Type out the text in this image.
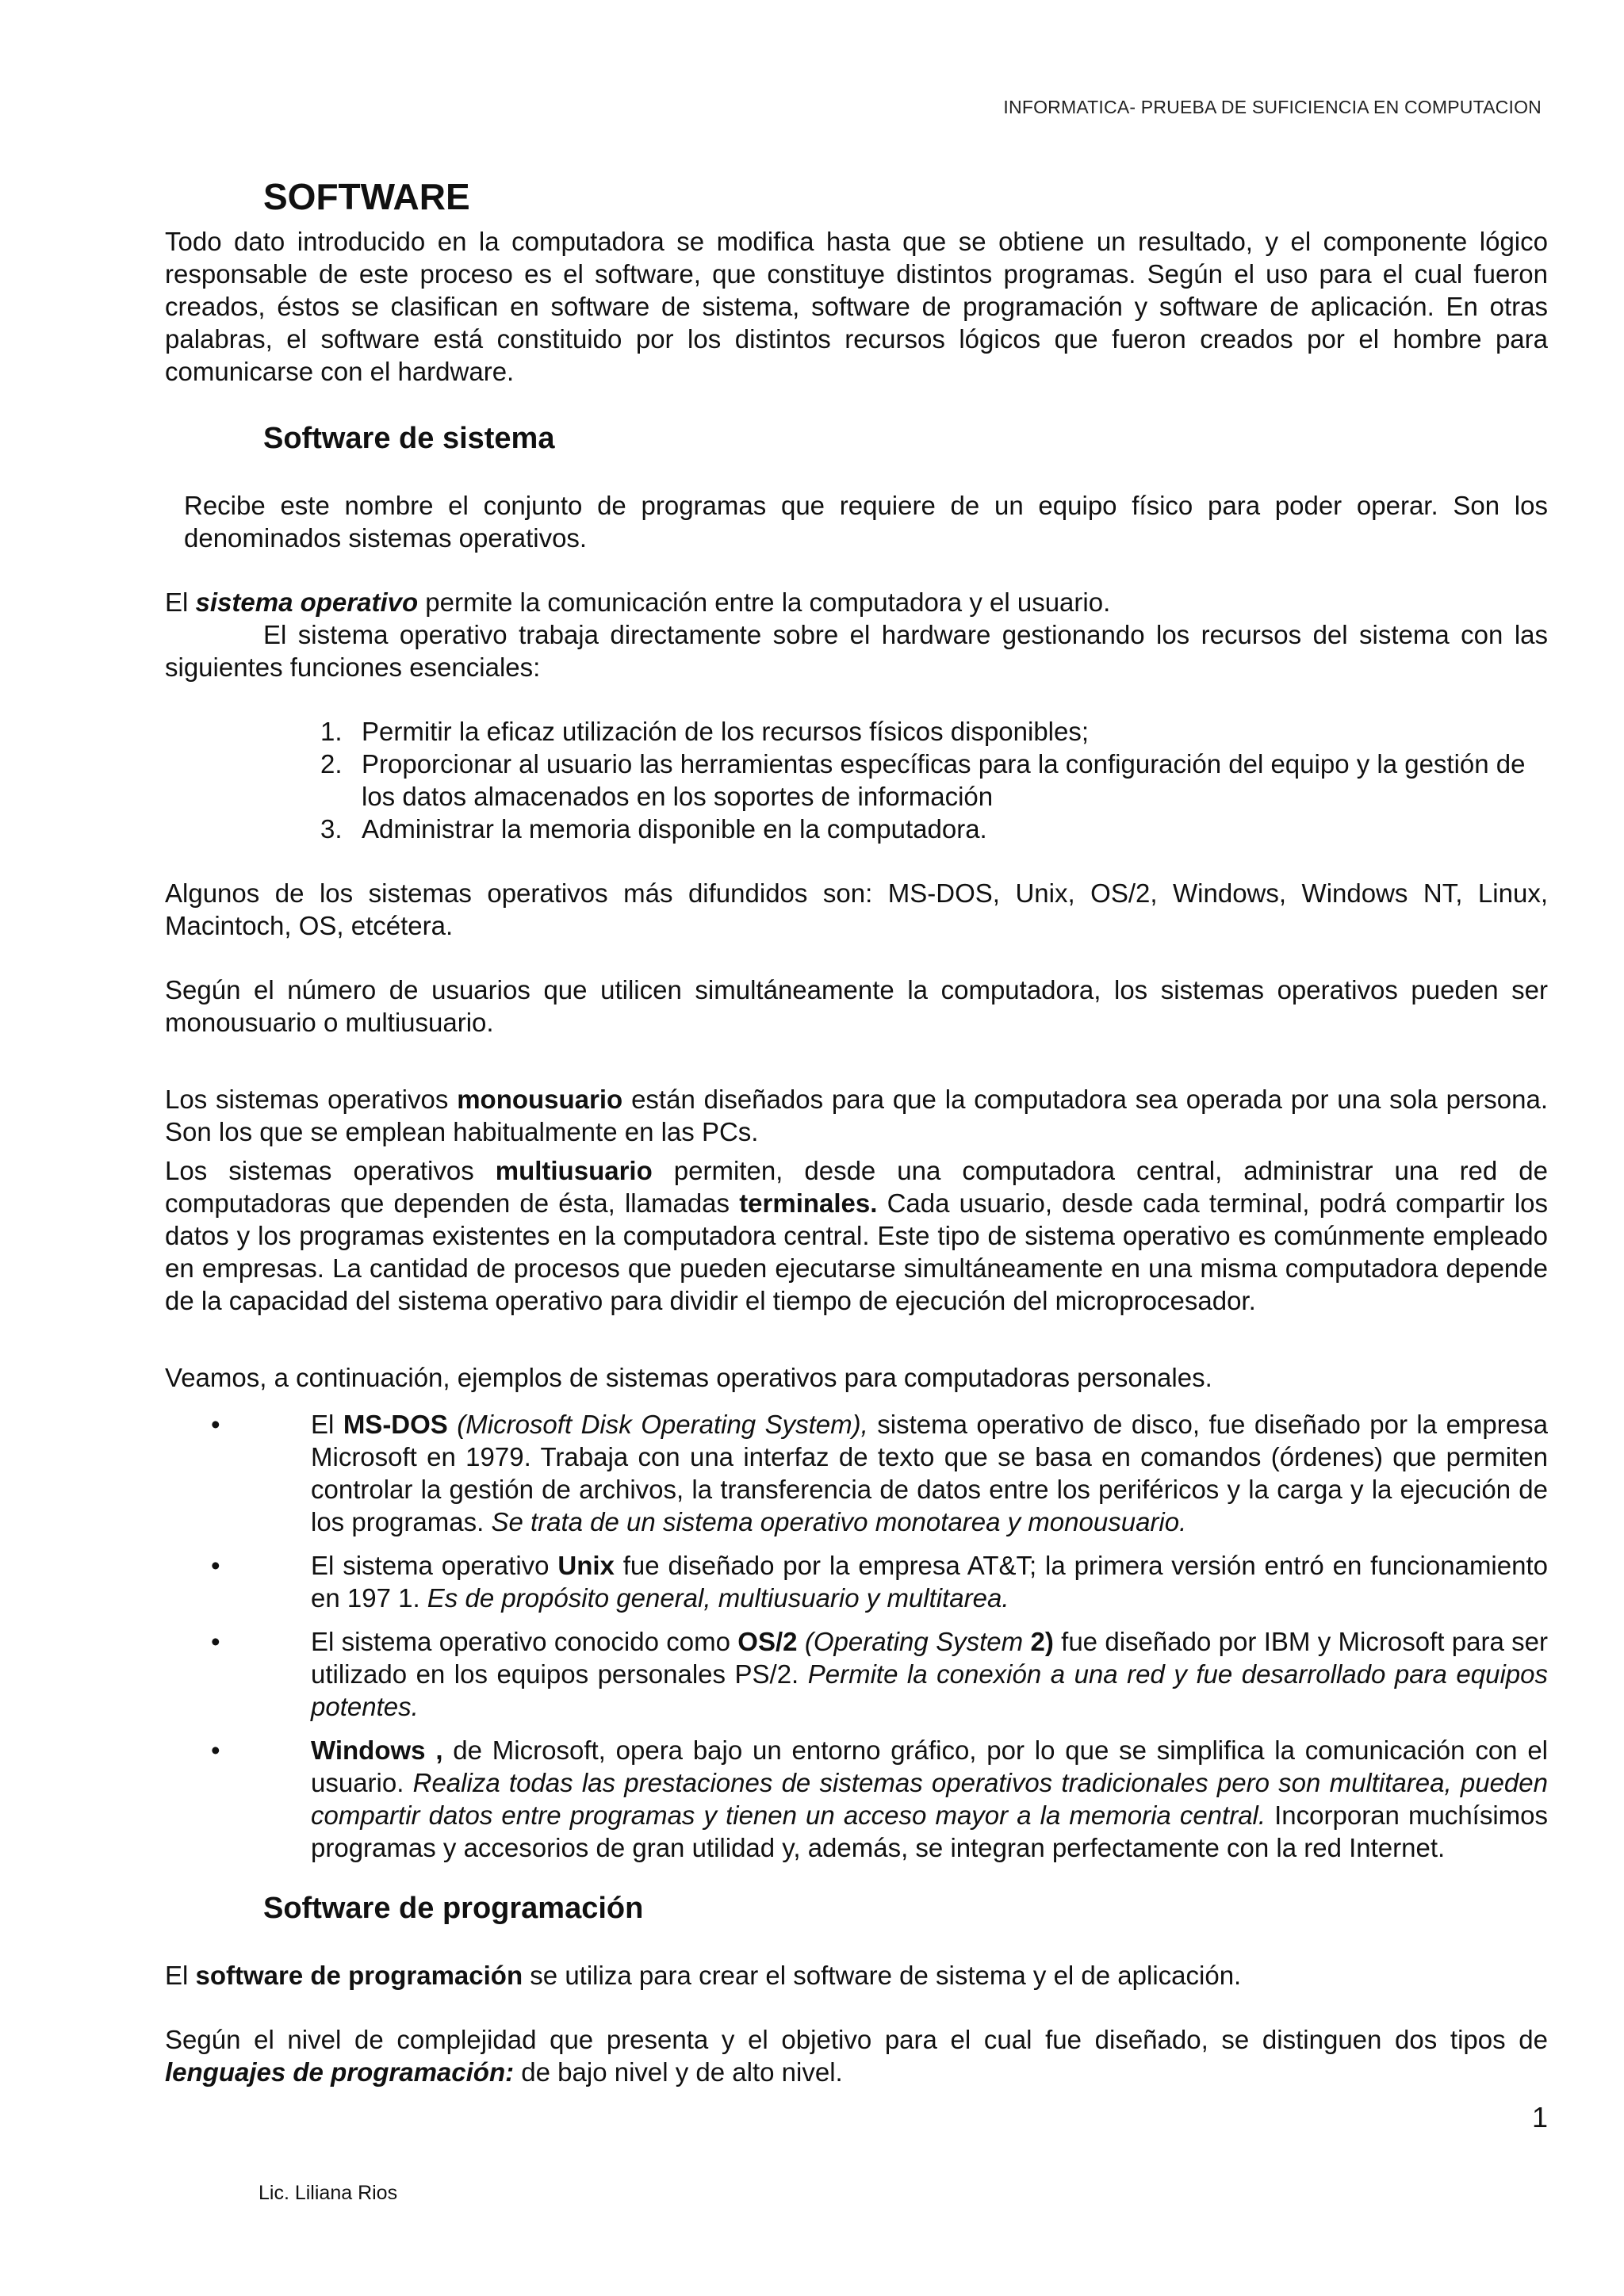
INFORMATICA- PRUEBA DE SUFICIENCIA EN COMPUTACION
SOFTWARE

Todo dato introducido en la computadora se modifica hasta que se obtiene un resultado, y el componente lógico responsable de este proceso es el software, que constituye distintos programas. Según el uso para el cual fueron creados, éstos se clasifican en software de sistema, software de programación y software de aplicación. En otras palabras, el software está constituido por los distintos recursos lógicos que fueron creados por el hombre para comunicarse con el hardware.

Software de sistema

Recibe este nombre el conjunto de programas que requiere de un equipo físico para poder operar. Son los denominados sistemas operativos.

El sistema operativo permite la comunicación entre la computadora y el usuario.

El sistema operativo trabaja directamente sobre el hardware gestionando los recursos del sistema con las siguientes funciones esenciales:

1. Permitir la eficaz utilización de los recursos físicos disponibles;
2. Proporcionar al usuario las herramientas específicas para la configuración del equipo y la gestión de los datos almacenados en los soportes de información
3. Administrar la memoria disponible en la computadora.

Algunos de los sistemas operativos más difundidos son: MS-DOS, Unix, OS/2, Windows, Windows NT, Linux, Macintoch, OS, etcétera.

Según el número de usuarios que utilicen simultáneamente la computadora, los sistemas operativos pueden ser monousuario o multiusuario.

Los sistemas operativos monousuario están diseñados para que la computadora sea operada por una sola persona. Son los que se emplean habitualmente en las PCs.

Los sistemas operativos multiusuario permiten, desde una computadora central, administrar una red de computadoras que dependen de ésta, llamadas terminales. Cada usuario, desde cada terminal, podrá compartir los datos y los programas existentes en la computadora central. Este tipo de sistema operativo es comúnmente empleado en empresas. La cantidad de procesos que pueden ejecutarse simultáneamente en una misma computadora depende de la capacidad del sistema operativo para dividir el tiempo de ejecución del microprocesador.

Veamos, a continuación, ejemplos de sistemas operativos para computadoras personales.

•	El MS-DOS (Microsoft Disk Operating System), sistema operativo de disco, fue diseñado por la empresa Microsoft en 1979. Trabaja con una interfaz de texto que se basa en comandos (órdenes) que permiten controlar la gestión de archivos, la transferencia de datos entre los periféricos y la carga y la ejecución de los programas. Se trata de un sistema operativo monotarea y monousuario.
•	El sistema operativo Unix fue diseñado por la empresa AT&T; la primera versión entró en funcionamiento en 197 1. Es de propósito general, multiusuario y multitarea.
•	El sistema operativo conocido como OS/2 (Operating System 2) fue diseñado por IBM y Microsoft para ser utilizado en los equipos personales PS/2. Permite la conexión a una red y fue desarrollado para equipos potentes.
•	Windows , de Microsoft, opera bajo un entorno gráfico, por lo que se simplifica la comunicación con el usuario. Realiza todas las prestaciones de sistemas operativos tradicionales pero son multitarea, pueden compartir datos entre programas y tienen un acceso mayor a la memoria central. Incorporan muchísimos programas y accesorios de gran utilidad y, además, se integran perfectamente con la red Internet.
Software de programación

El software de programación se utiliza para crear el software de sistema y el de aplicación.

Según el nivel de complejidad que presenta y el objetivo para el cual fue diseñado, se distinguen dos tipos de lenguajes de programación: de bajo nivel y de alto nivel.

1
Lic. Liliana Rios
